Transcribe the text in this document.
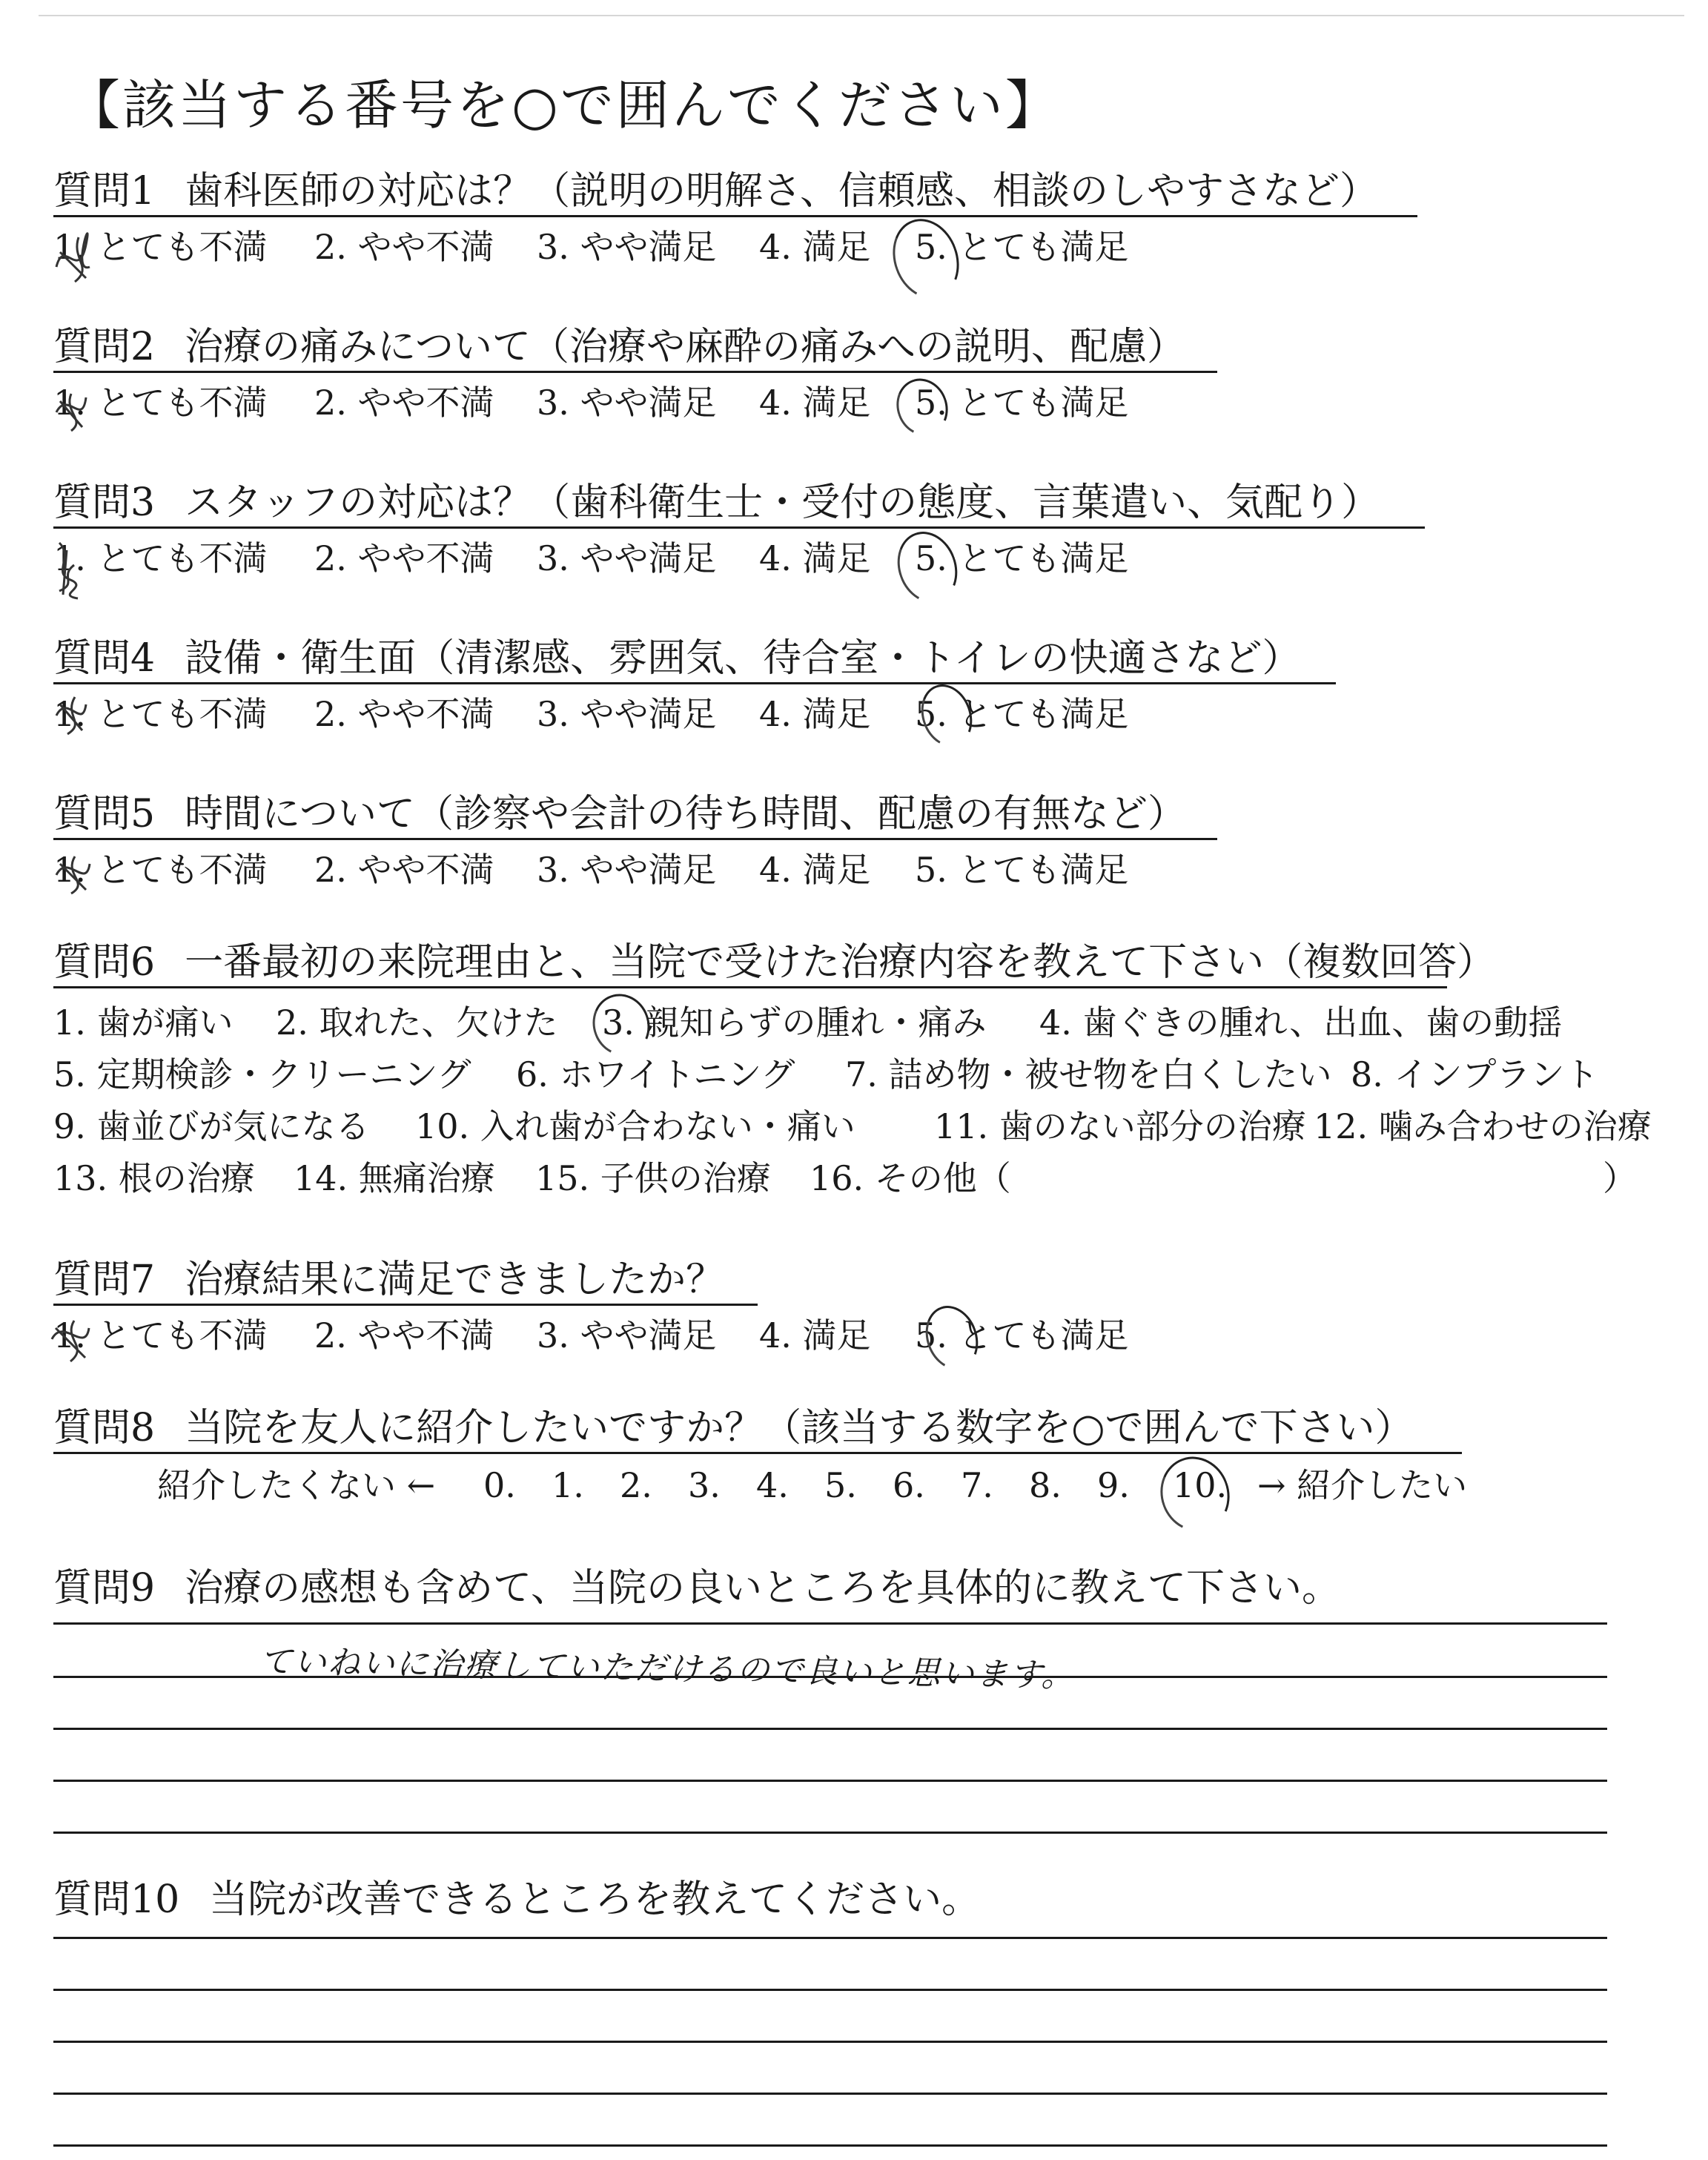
【該当する番号を○で囲んでください】
質問1 歯科医師の対応は？（説明の明解さ、信頼感、相談のしやすさなど）
1. とても不満 2. やや不満 3. やや満足 4. 満足 5. とても満足
質問2 治療の痛みについて（治療や麻酔の痛みへの説明、配慮）
1. とても不満 2. やや不満 3. やや満足 4. 満足 5. とても満足
質問3 スタッフの対応は？（歯科衛生士・受付の態度、言葉遣い、気配り）
1. とても不満 2. やや不満 3. やや満足 4. 満足 5. とても満足
質問4 設備・衛生面（清潔感、雰囲気、待合室・トイレの快適さなど）
1. とても不満 2. やや不満 3. やや満足 4. 満足 5. とても満足
質問5 時間について（診察や会計の待ち時間、配慮の有無など）
1. とても不満 2. やや不満 3. やや満足 4. 満足 5. とても満足
質問6 一番最初の来院理由と、当院で受けた治療内容を教えて下さい（複数回答）
1. 歯が痛い 2. 取れた、欠けた 3. 親知らずの腫れ・痛み 4. 歯ぐきの腫れ、出血、歯の動揺
5. 定期検診・クリーニング 6. ホワイトニング 7. 詰め物・被せ物を白くしたい 8. インプラント
9. 歯並びが気になる 10. 入れ歯が合わない・痛い 11. 歯のない部分の治療 12. 噛み合わせの治療
13. 根の治療 14. 無痛治療 15. 子供の治療 16. その他（	）
質問7 治療結果に満足できましたか？
1. とても不満 2. やや不満 3. やや満足 4. 満足 5. とても満足
質問8 当院を友人に紹介したいですか？（該当する数字を○で囲んで下さい）
紹介したくない ← 0. 1. 2. 3. 4. 5. 6. 7. 8. 9. 10. → 紹介したい
質問9 治療の感想も含めて、当院の良いところを具体的に教えて下さい。
ていねいに治療していただけるので良いと思います。
質問10 当院が改善できるところを教えてください。
